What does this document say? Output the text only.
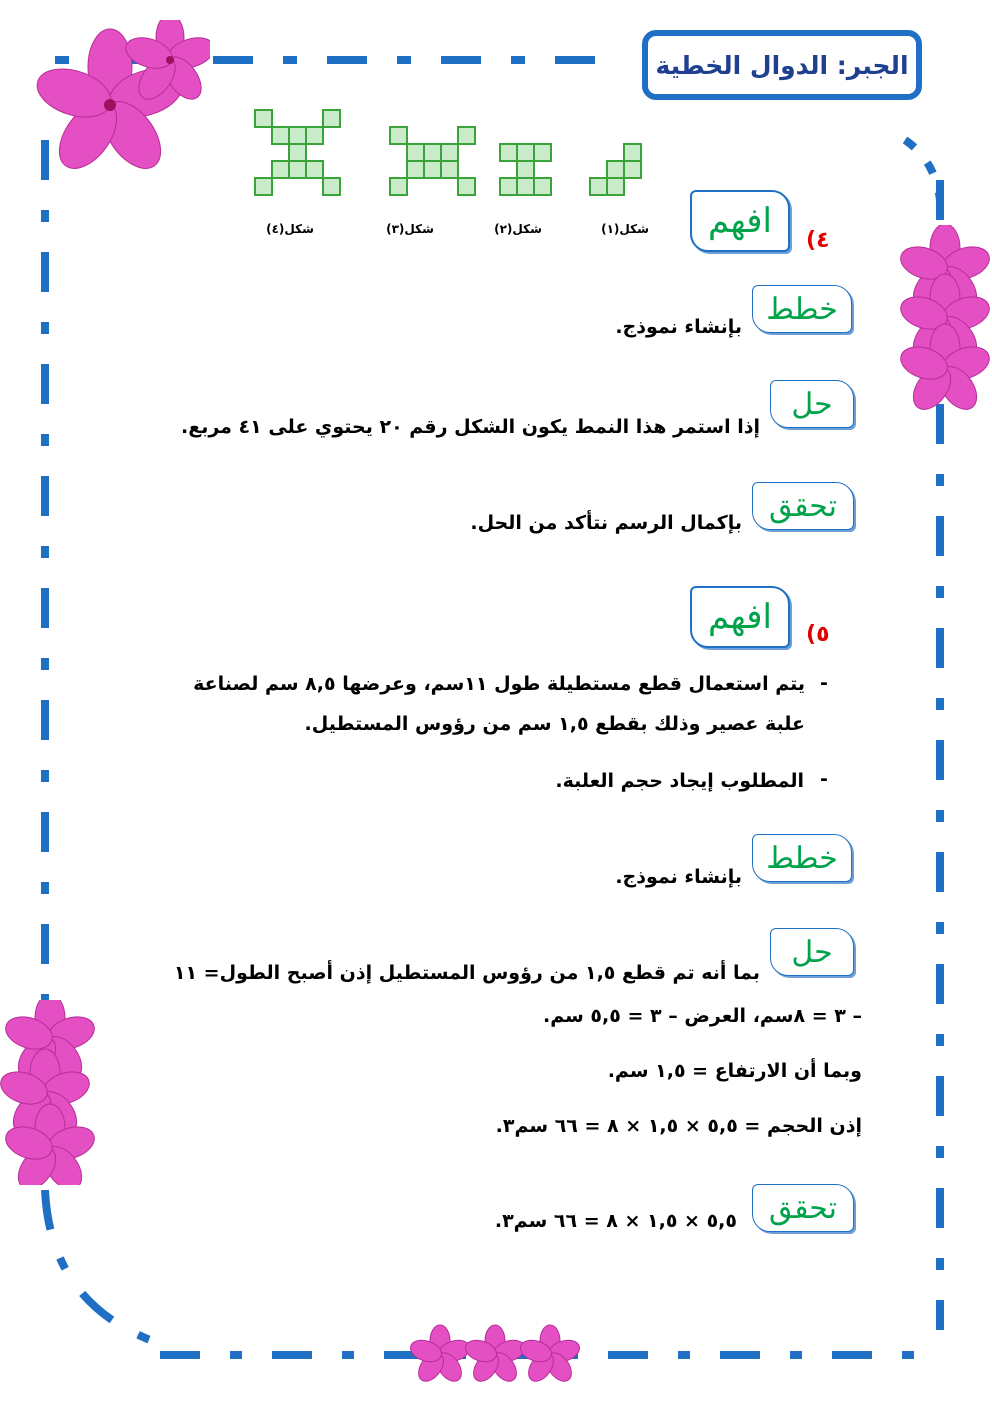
الجبر: الدوال الخطية
شكل(١)
شكل(٢)
شكل(٣)
شكل(٤)	٤)
افهم
خطط
بإنشاء نموذج.
حل
إذا استمر هذا النمط يكون الشكل رقم ٢٠ يحتوي على ٤١ مربع.
تحقق
بإكمال الرسم نتأكد من الحل.
٥)
افهم
-
يتم استعمال قطع مستطيلة طول ١١سم، وعرضها ٨,٥ سم لصناعة علبة عصير وذلك بقطع ١,٥ سم من رؤوس المستطيل.
-
المطلوب إيجاد حجم العلبة.
خطط
بإنشاء نموذج.
حل
بما أنه تم قطع ١,٥ من رؤوس المستطيل إذن أصبح الطول= ١١
– ٣ = ٨سم، العرض – ٣ = ٥,٥ سم.
وبما أن الارتفاع = ١,٥ سم.
إذن الحجم = ٥,٥ × ١,٥ × ٨ = ٦٦ سم٣.
تحقق
٥,٥ × ١,٥ × ٨ = ٦٦ سم٣.
